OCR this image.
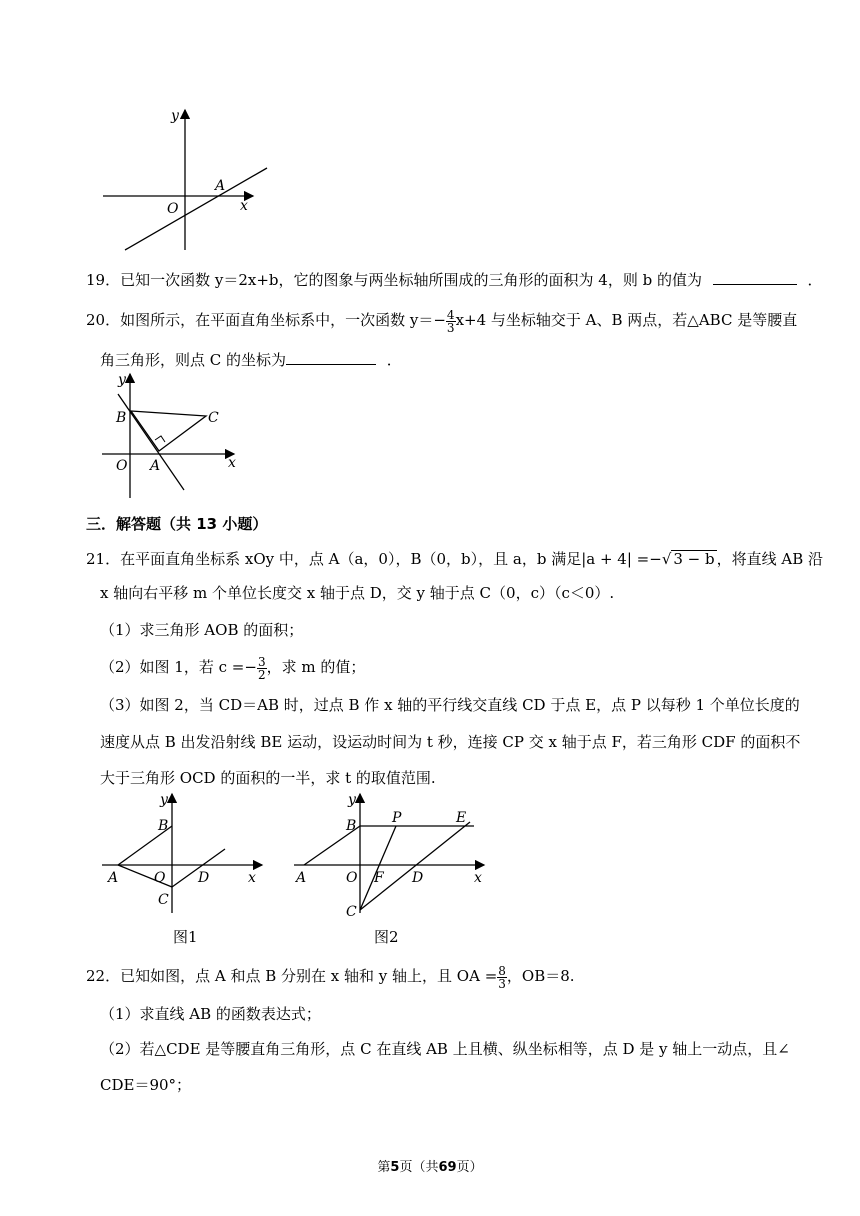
y
A
O	x
19．已知一次函数 y＝2x+b，它的图象与两坐标轴所围成的三角形的面积为 4，则 b 的值为	．
20．如图所示，在平面直角坐标系中，一次函数 $y=- \frac{4}{3} x+4$ 与坐标轴交于 A、B 两点，若△ABC 是等腰直
角三角形，则点 C 的坐标为	．
y
B	C
O A	x
三．解答题（共 13 小题）
21．在平面直角坐标系 xOy 中，点 A（a，0），B（0，b），且 a，b 满足|a + 4| =−√ 3 − b ，将直线 AB 沿
x 轴向右平移 m 个单位长度交 x 轴于点 D，交 y 轴于点 C（0，c）（c＜0）.
（1）求三角形 AOB 的面积；
（2）如图 1，若 $c =- \frac{3}{2}$ ，求 m 的值；
（3）如图 2，当 CD＝AB 时，过点 B 作 x 轴的平行线交直线 CD 于点 E，点 P 以每秒 1 个单位长度的
速度从点 B 出发沿射线 BE 运动，设运动时间为 t 秒，连接 CP 交 x 轴于点 F，若三角形 CDF 的面积不
大于三角形 OCD 的面积的一半，求 t 的取值范围.
y
B
A	O D	x
C
图1
y
B	P	E
A	O F D	x
C
图2
22．已知如图，点 A 和点 B 分别在 x 轴和 y 轴上，且 OA = $\frac{8}{3}$ ，OB＝8.
（1）求直线 AB 的函数表达式；
（2）若△CDE 是等腰直角三角形，点 C 在直线 AB 上且横、纵坐标相等，点 D 是 y 轴上一动点，且∠
CDE＝90°；
第5页（共69页）
